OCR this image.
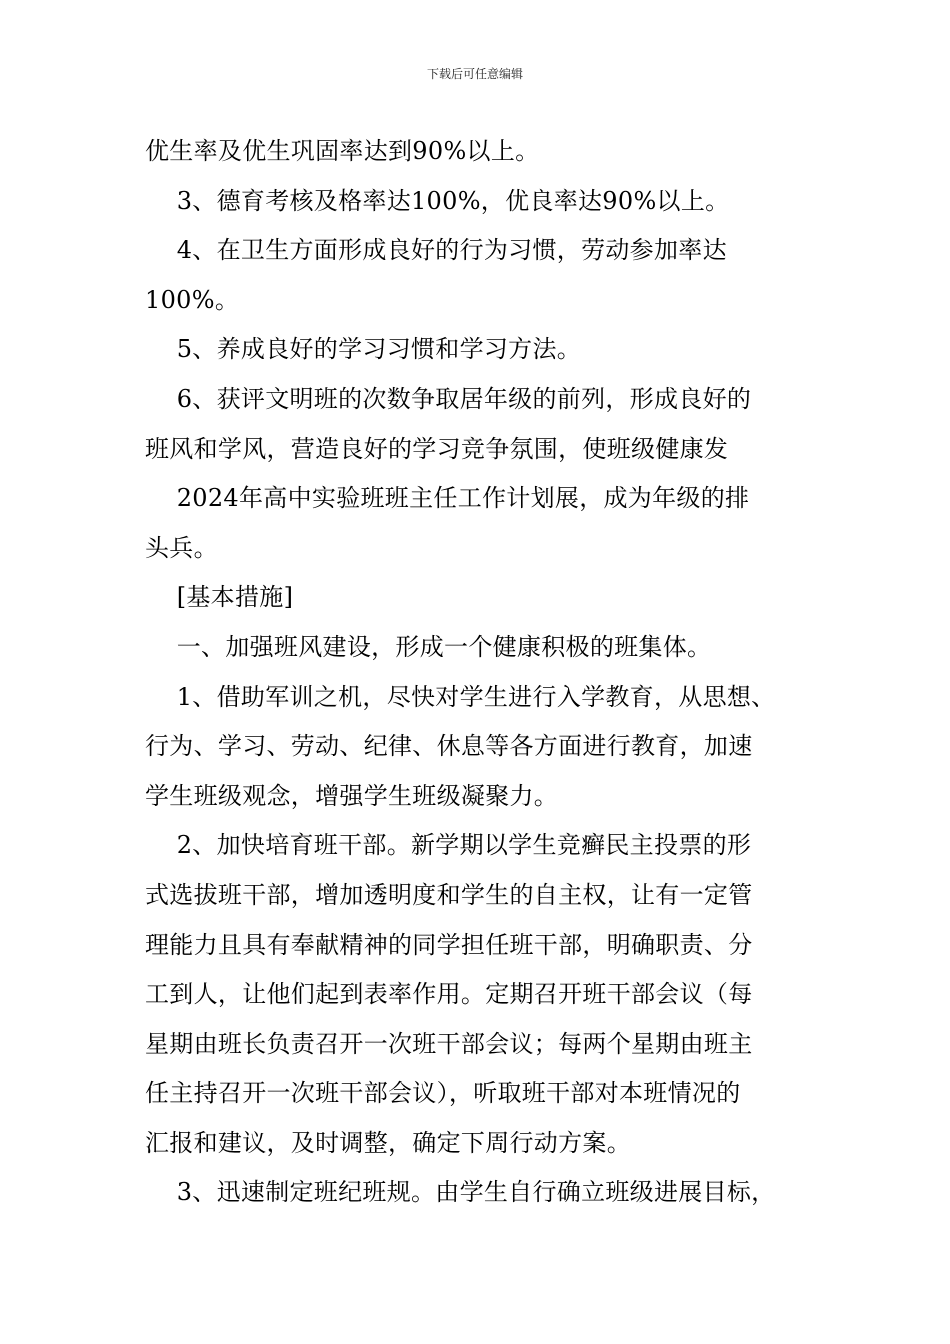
下载后可任意编辑

优生率及优生巩固率达到90%以上。

3、德育考核及格率达100%，优良率达90%以上。

4、在卫生方面形成良好的行为习惯，劳动参加率达

100%。

5、养成良好的学习习惯和学习方法。

6、获评文明班的次数争取居年级的前列，形成良好的

班风和学风，营造良好的学习竞争氛围，使班级健康发

2024年高中实验班班主任工作计划展，成为年级的排

头兵。

[基本措施]

一、加强班风建设，形成一个健康积极的班集体。

1、借助军训之机，尽快对学生进行入学教育，从思想、

行为、学习、劳动、纪律、休息等各方面进行教育，加速

学生班级观念，增强学生班级凝聚力。

2、加快培育班干部。新学期以学生竞癣民主投票的形

式选拔班干部，增加透明度和学生的自主权，让有一定管

理能力且具有奉献精神的同学担任班干部，明确职责、分

工到人，让他们起到表率作用。定期召开班干部会议（每

星期由班长负责召开一次班干部会议；每两个星期由班主

任主持召开一次班干部会议），听取班干部对本班情况的

汇报和建议，及时调整，确定下周行动方案。

3、迅速制定班纪班规。由学生自行确立班级进展目标，
